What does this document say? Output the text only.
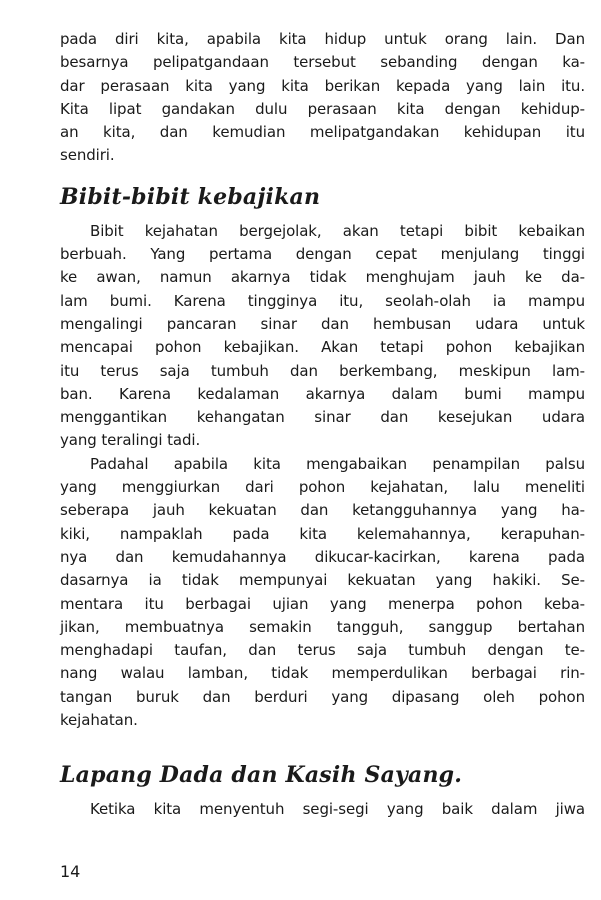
pada diri kita, apabila kita hidup untuk orang lain. Dan
besarnya pelipatgandaan tersebut sebanding dengan ka-
dar perasaan kita yang kita berikan kepada yang lain itu.
Kita lipat gandakan dulu perasaan kita dengan kehidup-
an kita, dan kemudian melipatgandakan kehidupan itu
sendiri.

Bibit-bibit kebajikan

Bibit kejahatan bergejolak, akan tetapi bibit kebaikan
berbuah. Yang pertama dengan cepat menjulang tinggi
ke awan, namun akarnya tidak menghujam jauh ke da-
lam bumi. Karena tingginya itu, seolah-olah ia mampu
mengalingi pancaran sinar dan hembusan udara untuk
mencapai pohon kebajikan. Akan tetapi pohon kebajikan
itu terus saja tumbuh dan berkembang, meskipun lam-
ban. Karena kedalaman akarnya dalam bumi mampu
menggantikan kehangatan sinar dan kesejukan udara
yang teralingi tadi.

Padahal apabila kita mengabaikan penampilan palsu
yang menggiurkan dari pohon kejahatan, lalu meneliti
seberapa jauh kekuatan dan ketangguhannya yang ha-
kiki, nampaklah pada kita kelemahannya, kerapuhan-
nya dan kemudahannya dikucar-kacirkan, karena pada
dasarnya ia tidak mempunyai kekuatan yang hakiki. Se-
mentara itu berbagai ujian yang menerpa pohon keba-
jikan, membuatnya semakin tangguh, sanggup bertahan
menghadapi taufan, dan terus saja tumbuh dengan te-
nang walau lamban, tidak memperdulikan berbagai rin-
tangan buruk dan berduri yang dipasang oleh pohon
kejahatan.

Lapang Dada dan Kasih Sayang.

Ketika kita menyentuh segi-segi yang baik dalam jiwa

14
